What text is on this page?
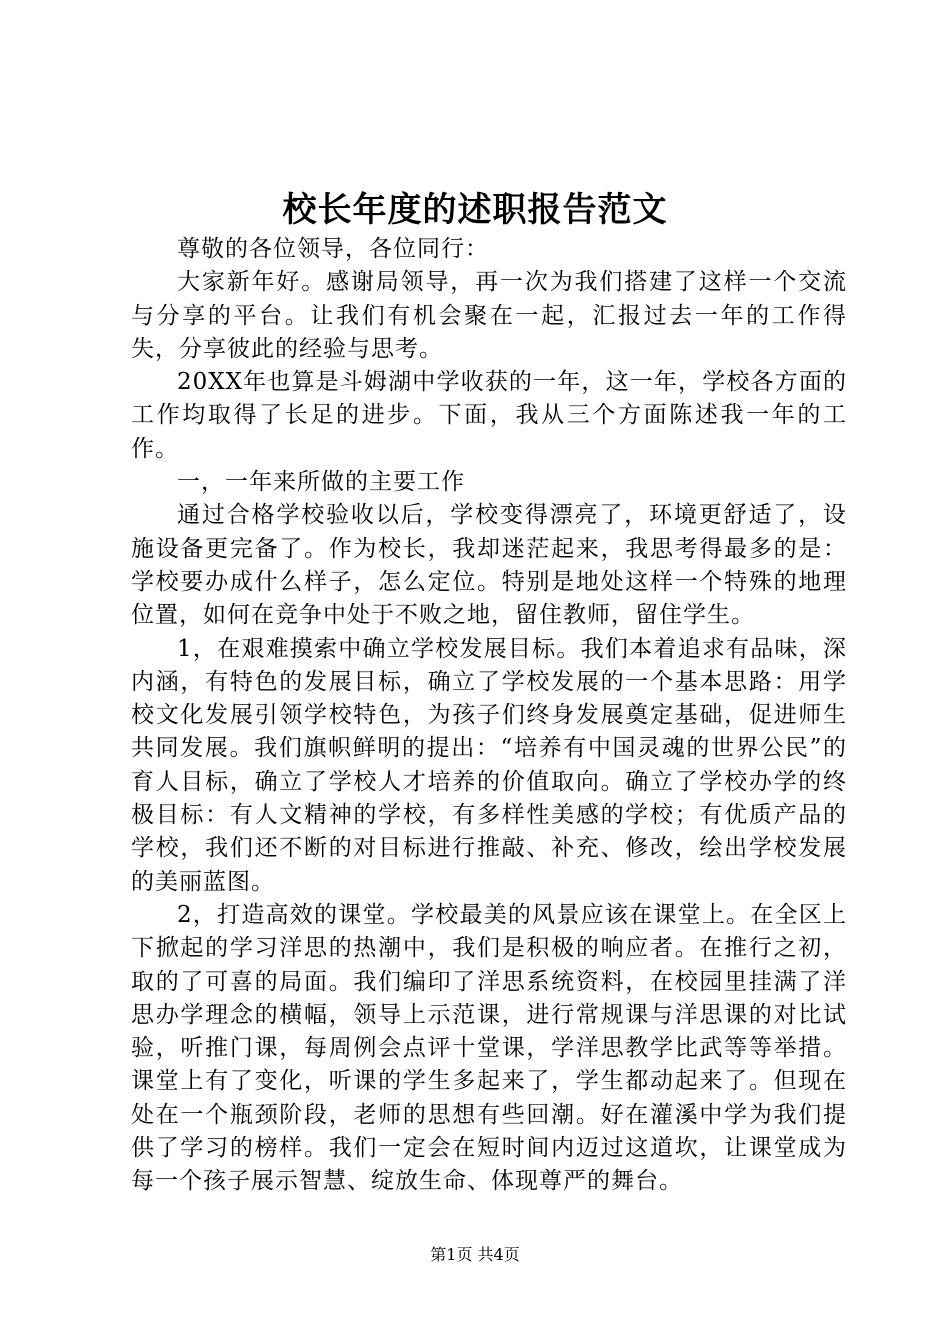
校长年度的述职报告范文

尊敬的各位领导，各位同行：

大家新年好。感谢局领导，再一次为我们搭建了这样一个交流与分享的平台。让我们有机会聚在一起，汇报过去一年的工作得失，分享彼此的经验与思考。

20XX年也算是斗姆湖中学收获的一年，这一年，学校各方面的工作均取得了长足的进步。下面，我从三个方面陈述我一年的工作。

一，一年来所做的主要工作

通过合格学校验收以后，学校变得漂亮了，环境更舒适了，设施设备更完备了。作为校长，我却迷茫起来，我思考得最多的是：学校要办成什么样子，怎么定位。特别是地处这样一个特殊的地理位置，如何在竞争中处于不败之地，留住教师，留住学生。

1，在艰难摸索中确立学校发展目标。我们本着追求有品味，深内涵，有特色的发展目标，确立了学校发展的一个基本思路：用学校文化发展引领学校特色，为孩子们终身发展奠定基础，促进师生共同发展。我们旗帜鲜明的提出：“培养有中国灵魂的世界公民”的育人目标，确立了学校人才培养的价值取向。确立了学校办学的终极目标：有人文精神的学校，有多样性美感的学校；有优质产品的学校，我们还不断的对目标进行推敲、补充、修改，绘出学校发展的美丽蓝图。

2，打造高效的课堂。学校最美的风景应该在课堂上。在全区上下掀起的学习洋思的热潮中，我们是积极的响应者。在推行之初，取的了可喜的局面。我们编印了洋思系统资料，在校园里挂满了洋思办学理念的横幅，领导上示范课，进行常规课与洋思课的对比试验，听推门课，每周例会点评十堂课，学洋思教学比武等等举措。课堂上有了变化，听课的学生多起来了，学生都动起来了。但现在处在一个瓶颈阶段，老师的思想有些回潮。好在灌溪中学为我们提供了学习的榜样。我们一定会在短时间内迈过这道坎，让课堂成为每一个孩子展示智慧、绽放生命、体现尊严的舞台。

第1页 共4页
